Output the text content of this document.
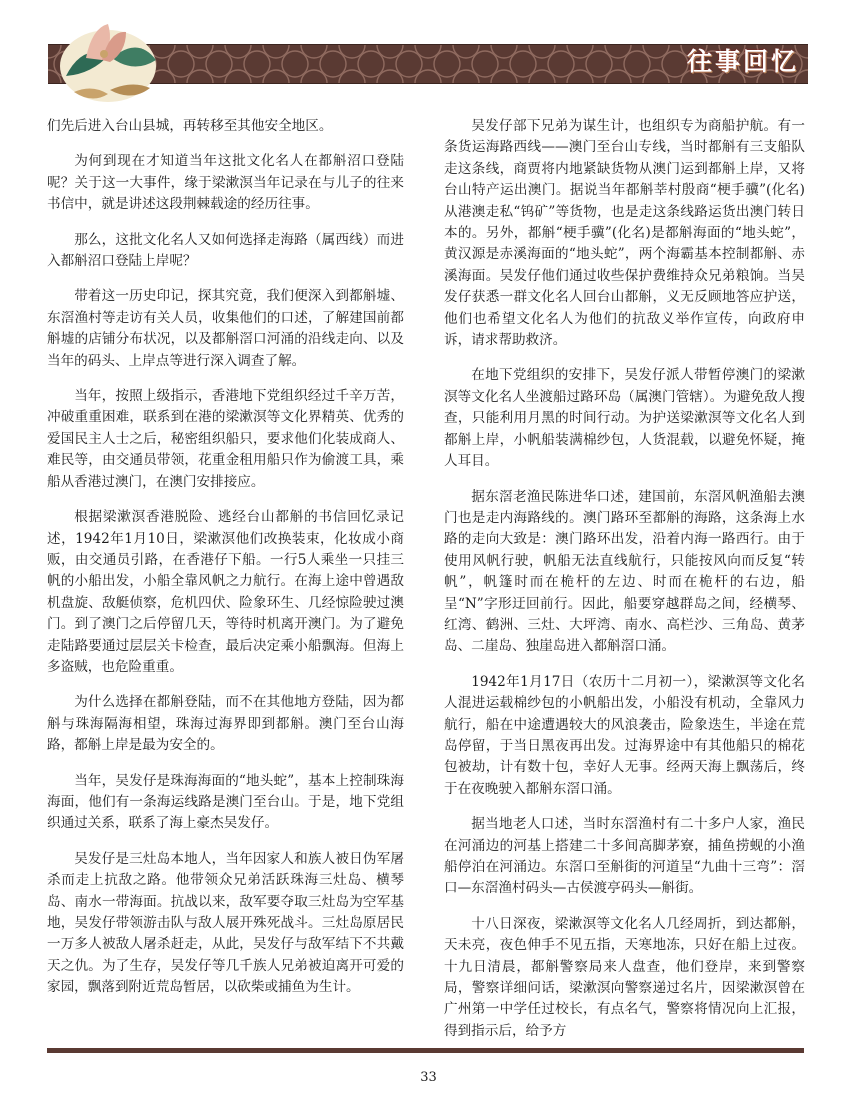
往事回忆

们先后进入台山县城，再转移至其他安全地区。

为何到现在才知道当年这批文化名人在都斛沼口登陆呢？关于这一大事件，缘于梁漱溟当年记录在与儿子的往来书信中，就是讲述这段荆棘载途的经历往事。

那么，这批文化名人又如何选择走海路（属西线）而进入都斛沼口登陆上岸呢？

带着这一历史印记，探其究竟，我们便深入到都斛墟、东滘渔村等走访有关人员，收集他们的口述，了解建国前都斛墟的店铺分布状况，以及都斛滘口河涌的沿线走向、以及当年的码头、上岸点等进行深入调查了解。

当年，按照上级指示，香港地下党组织经过千辛万苦，冲破重重困难，联系到在港的梁漱溟等文化界精英、优秀的爱国民主人士之后，秘密组织船只，要求他们化装成商人、难民等，由交通员带领，花重金租用船只作为偷渡工具，乘船从香港过澳门，在澳门安排接应。

根据梁漱溟香港脱险、逃经台山都斛的书信回忆录记述，1942年1月10日，梁漱溟他们改换装束，化妆成小商贩，由交通员引路，在香港仔下船。一行5人乘坐一只挂三帆的小船出发，小船全靠风帆之力航行。在海上途中曾遇敌机盘旋、敌艇侦察，危机四伏、险象环生、几经惊险驶过澳门。到了澳门之后停留几天，等待时机离开澳门。为了避免走陆路要通过层层关卡检查，最后决定乘小船飘海。但海上多盗贼，也危险重重。

为什么选择在都斛登陆，而不在其他地方登陆，因为都斛与珠海隔海相望，珠海过海界即到都斛。澳门至台山海路，都斛上岸是最为安全的。

当年，吴发仔是珠海海面的“地头蛇”，基本上控制珠海海面，他们有一条海运线路是澳门至台山。于是，地下党组织通过关系，联系了海上豪杰吴发仔。

吴发仔是三灶岛本地人，当年因家人和族人被日伪军屠杀而走上抗敌之路。他带领众兄弟活跃珠海三灶岛、横琴岛、南水一带海面。抗战以来，敌军要夺取三灶岛为空军基地，吴发仔带领游击队与敌人展开殊死战斗。三灶岛原居民一万多人被敌人屠杀赶走，从此，吴发仔与敌军结下不共戴天之仇。为了生存，吴发仔等几千族人兄弟被迫离开可爱的家园，飘落到附近荒岛暂居，以砍柴或捕鱼为生计。

吴发仔部下兄弟为谋生计，也组织专为商船护航。有一条货运海路西线——澳门至台山专线，当时都斛有三支船队走这条线，商贾将内地紧缺货物从澳门运到都斛上岸，又将台山特产运出澳门。据说当年都斛莘村殷商“梗手骥”(化名)从港澳走私“钨矿”等货物，也是走这条线路运货出澳门转日本的。另外，都斛“梗手骥”(化名)是都斛海面的“地头蛇”，黄汉源是赤溪海面的“地头蛇”，两个海霸基本控制都斛、赤溪海面。吴发仔他们通过收些保护费维持众兄弟粮饷。当吴发仔获悉一群文化名人回台山都斛，义无反顾地答应护送，他们也希望文化名人为他们的抗敌义举作宣传，向政府申诉，请求帮助救济。

在地下党组织的安排下，吴发仔派人带暂停澳门的梁漱溟等文化名人坐渡船过路环岛（属澳门管辖）。为避免敌人搜查，只能利用月黑的时间行动。为护送梁漱溟等文化名人到都斛上岸，小帆船装满棉纱包，人货混载，以避免怀疑，掩人耳目。

据东滘老渔民陈进华口述，建国前，东滘风帆渔船去澳门也是走内海路线的。澳门路环至都斛的海路，这条海上水路的走向大致是：澳门路环出发，沿着内海一路西行。由于使用风帆行驶，帆船无法直线航行，只能按风向而反复“转帆”，帆篷时而在桅杆的左边、时而在桅杆的右边，船呈“N”字形迂回前行。因此，船要穿越群岛之间，经横琴、红湾、鹤洲、三灶、大坪湾、南水、高栏沙、三角岛、黄茅岛、二崖岛、独崖岛进入都斛滘口涌。

1942年1月17日（农历十二月初一），梁漱溟等文化名人混进运载棉纱包的小帆船出发，小船没有机动，全靠风力航行，船在中途遭遇较大的风浪袭击，险象迭生，半途在荒岛停留，于当日黑夜再出发。过海界途中有其他船只的棉花包被劫，计有数十包，幸好人无事。经两天海上飘荡后，终于在夜晚驶入都斛东滘口涌。

据当地老人口述，当时东滘渔村有二十多户人家，渔民在河涌边的河基上搭建二十多间高脚茅寮，捕鱼捞蚬的小渔船停泊在河涌边。东滘口至斛街的河道呈“九曲十三弯”：滘口—东滘渔村码头—古侯渡亭码头—斛街。

十八日深夜，梁漱溟等文化名人几经周折，到达都斛，天未亮，夜色伸手不见五指，天寒地冻，只好在船上过夜。十九日清晨，都斛警察局来人盘查，他们登岸，来到警察局，警察详细问话，梁漱溟向警察递过名片，因梁漱溟曾在广州第一中学任过校长，有点名气，警察将情况向上汇报，得到指示后，给予方

33
